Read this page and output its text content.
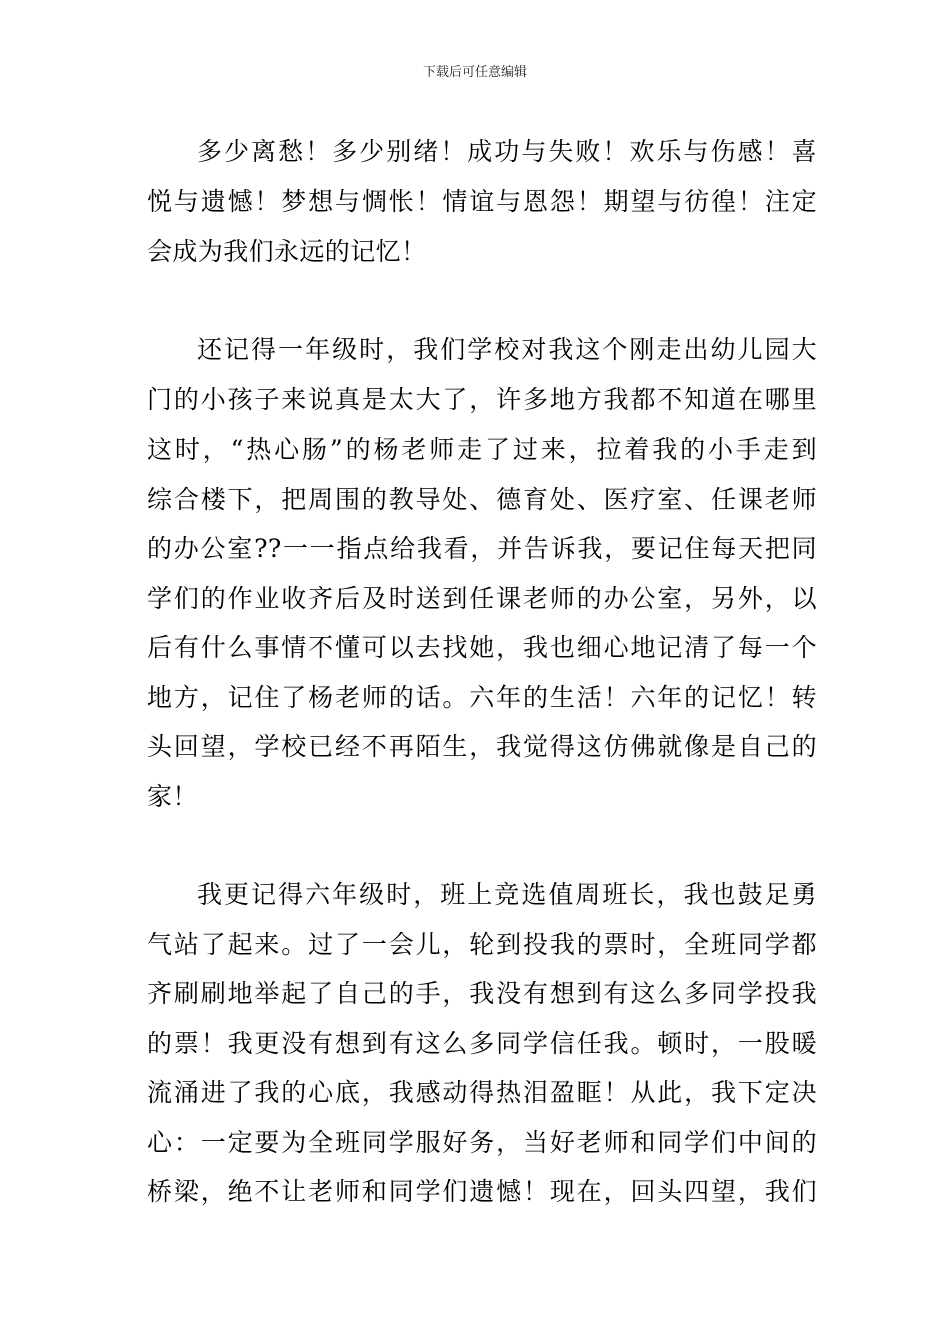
下载后可任意编辑
多少离愁！多少别绪！成功与失败！欢乐与伤感！喜
悦与遗憾！梦想与惆怅！情谊与恩怨！期望与彷徨！注定
会成为我们永远的记忆！
还记得一年级时，我们学校对我这个刚走出幼儿园大
门的小孩子来说真是太大了，许多地方我都不知道在哪里
这时，“热心肠”的杨老师走了过来，拉着我的小手走到
综合楼下，把周围的教导处、德育处、医疗室、任课老师
的办公室??一一指点给我看，并告诉我，要记住每天把同
学们的作业收齐后及时送到任课老师的办公室，另外，以
后有什么事情不懂可以去找她，我也细心地记清了每一个
地方，记住了杨老师的话。六年的生活！六年的记忆！转
头回望，学校已经不再陌生，我觉得这仿佛就像是自己的
家！
我更记得六年级时，班上竞选值周班长，我也鼓足勇
气站了起来。过了一会儿，轮到投我的票时，全班同学都
齐刷刷地举起了自己的手，我没有想到有这么多同学投我
的票！我更没有想到有这么多同学信任我。顿时，一股暖
流涌进了我的心底，我感动得热泪盈眶！从此，我下定决
心：一定要为全班同学服好务，当好老师和同学们中间的
桥梁，绝不让老师和同学们遗憾！现在，回头四望，我们
